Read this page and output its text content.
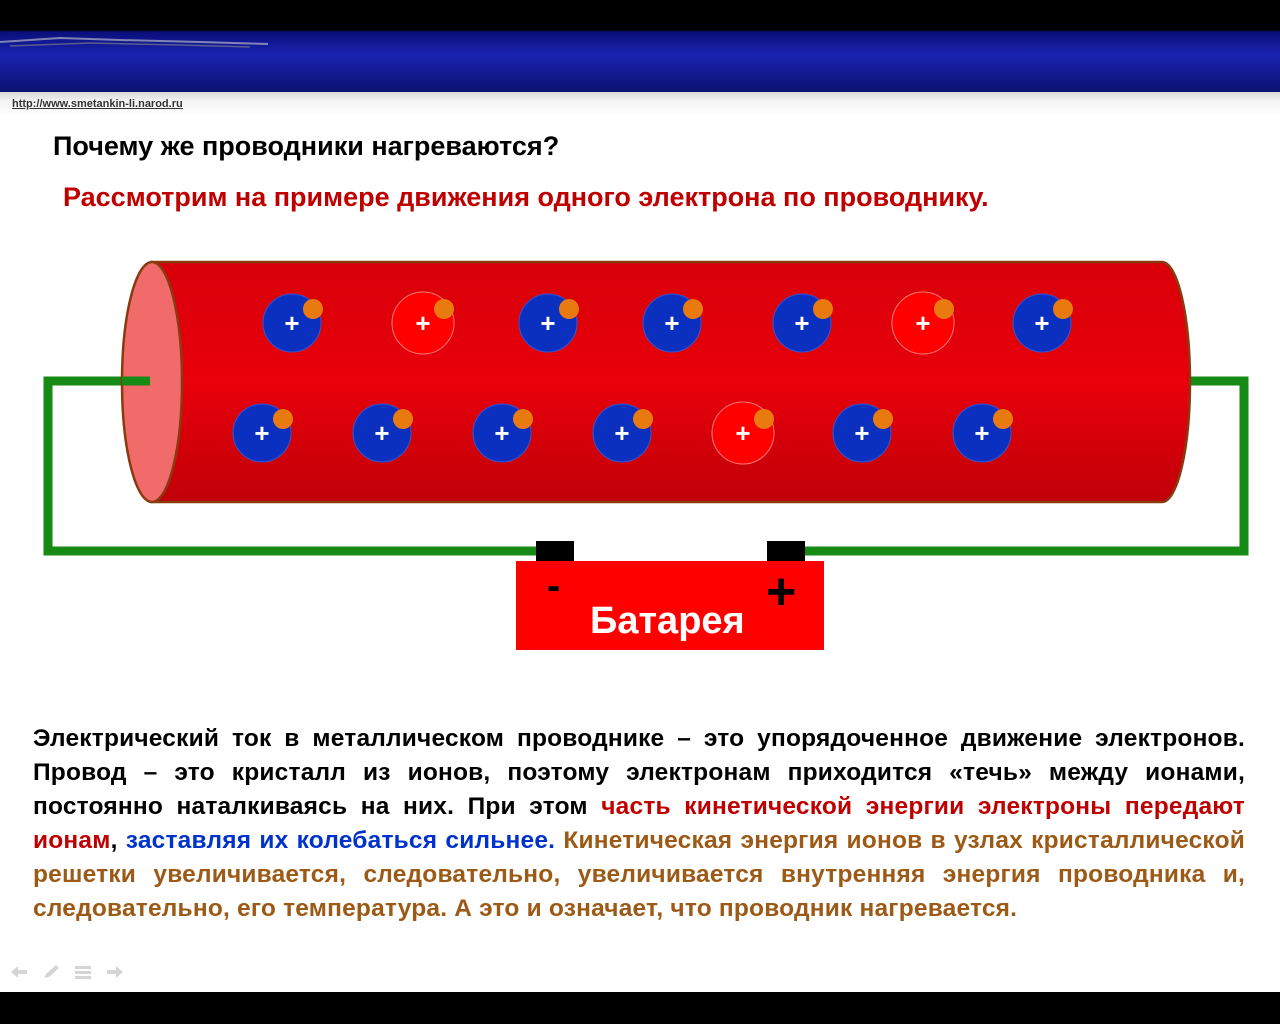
http://www.smetankin-li.narod.ru
Почему же проводники нагреваются?
Рассмотрим на примере движения одного электрона по проводнику.
+	+	+	+	+	+	+
+	+	+	+	+	+	+
-	+
Батарея
Электрический ток в металлическом проводнике – это упорядоченное движение электронов. Провод – это кристалл из ионов, поэтому электронам приходится «течь» между ионами, постоянно наталкиваясь на них. При этом часть кинетической энергии электроны передают ионам, заставляя их колебаться сильнее. Кинетическая энергия ионов в узлах кристаллической решетки увеличивается, следовательно, увеличивается внутренняя энергия проводника и, следовательно, его температура. А это и означает, что проводник нагревается.
